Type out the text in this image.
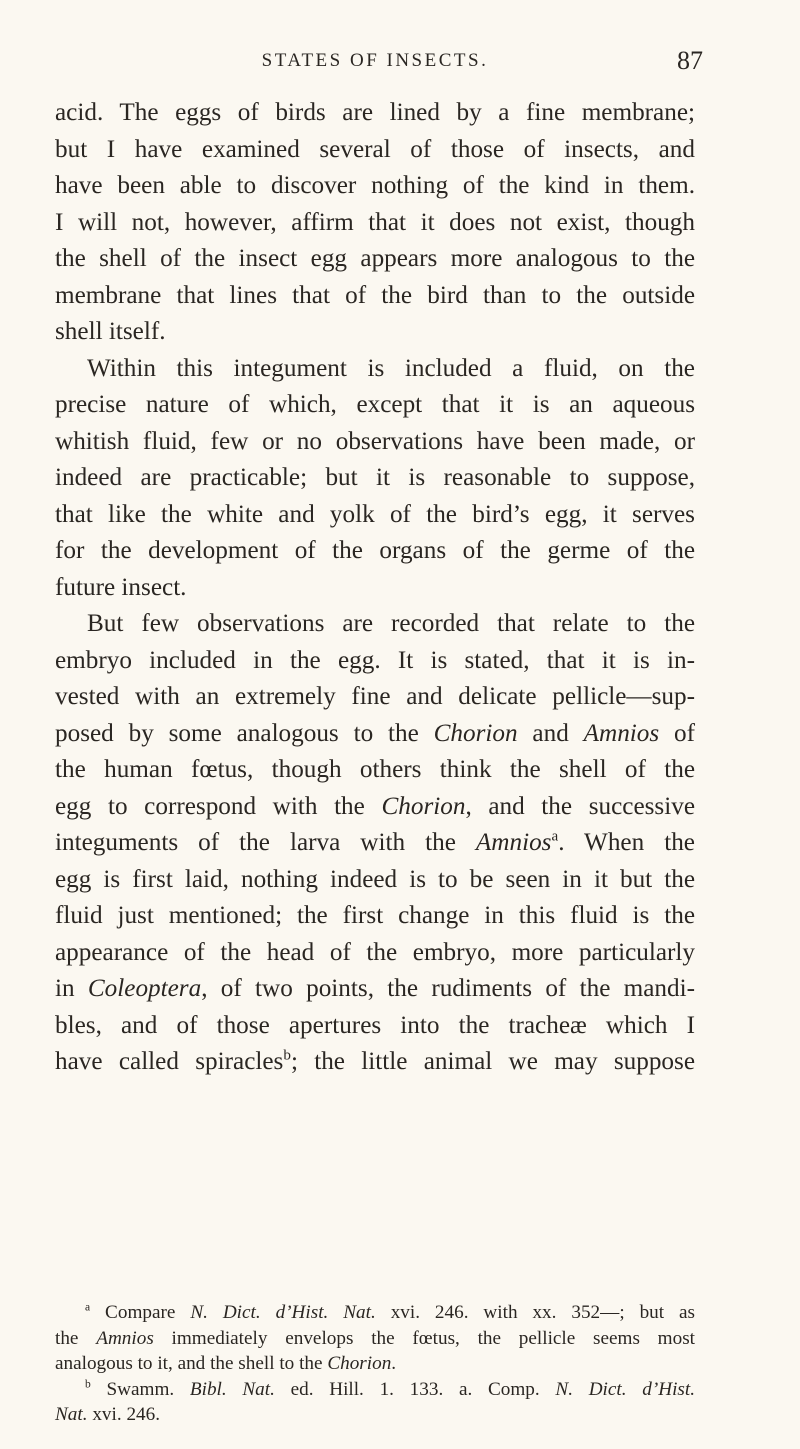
STATES OF INSECTS.	87
acid. The eggs of birds are lined by a fine membrane;
but I have examined several of those of insects, and
have been able to discover nothing of the kind in them.
I will not, however, affirm that it does not exist, though
the shell of the insect egg appears more analogous to the
membrane that lines that of the bird than to the outside
shell itself.
Within this integument is included a fluid, on the
precise nature of which, except that it is an aqueous
whitish fluid, few or no observations have been made, or
indeed are practicable; but it is reasonable to suppose,
that like the white and yolk of the bird’s egg, it serves
for the development of the organs of the germe of the
future insect.
But few observations are recorded that relate to the
embryo included in the egg. It is stated, that it is in-
vested with an extremely fine and delicate pellicle—sup-
posed by some analogous to the Chorion and Amnios of
the human fœtus, though others think the shell of the
egg to correspond with the Chorion, and the successive
integuments of the larva with the Amnios$^a$. When the
egg is first laid, nothing indeed is to be seen in it but the
fluid just mentioned; the first change in this fluid is the
appearance of the head of the embryo, more particularly
in Coleoptera, of two points, the rudiments of the mandi-
bles, and of those apertures into the tracheæ which I
have called spiracles$^b$; the little animal we may suppose
$^a$ Compare N. Dict. d’Hist. Nat. xvi. 246. with xx. 352—; but as
the Amnios immediately envelops the fœtus, the pellicle seems most
analogous to it, and the shell to the Chorion.
$^b$ Swamm. Bibl. Nat. ed. Hill. 1. 133. a. Comp. N. Dict. d’Hist.
Nat. xvi. 246.
